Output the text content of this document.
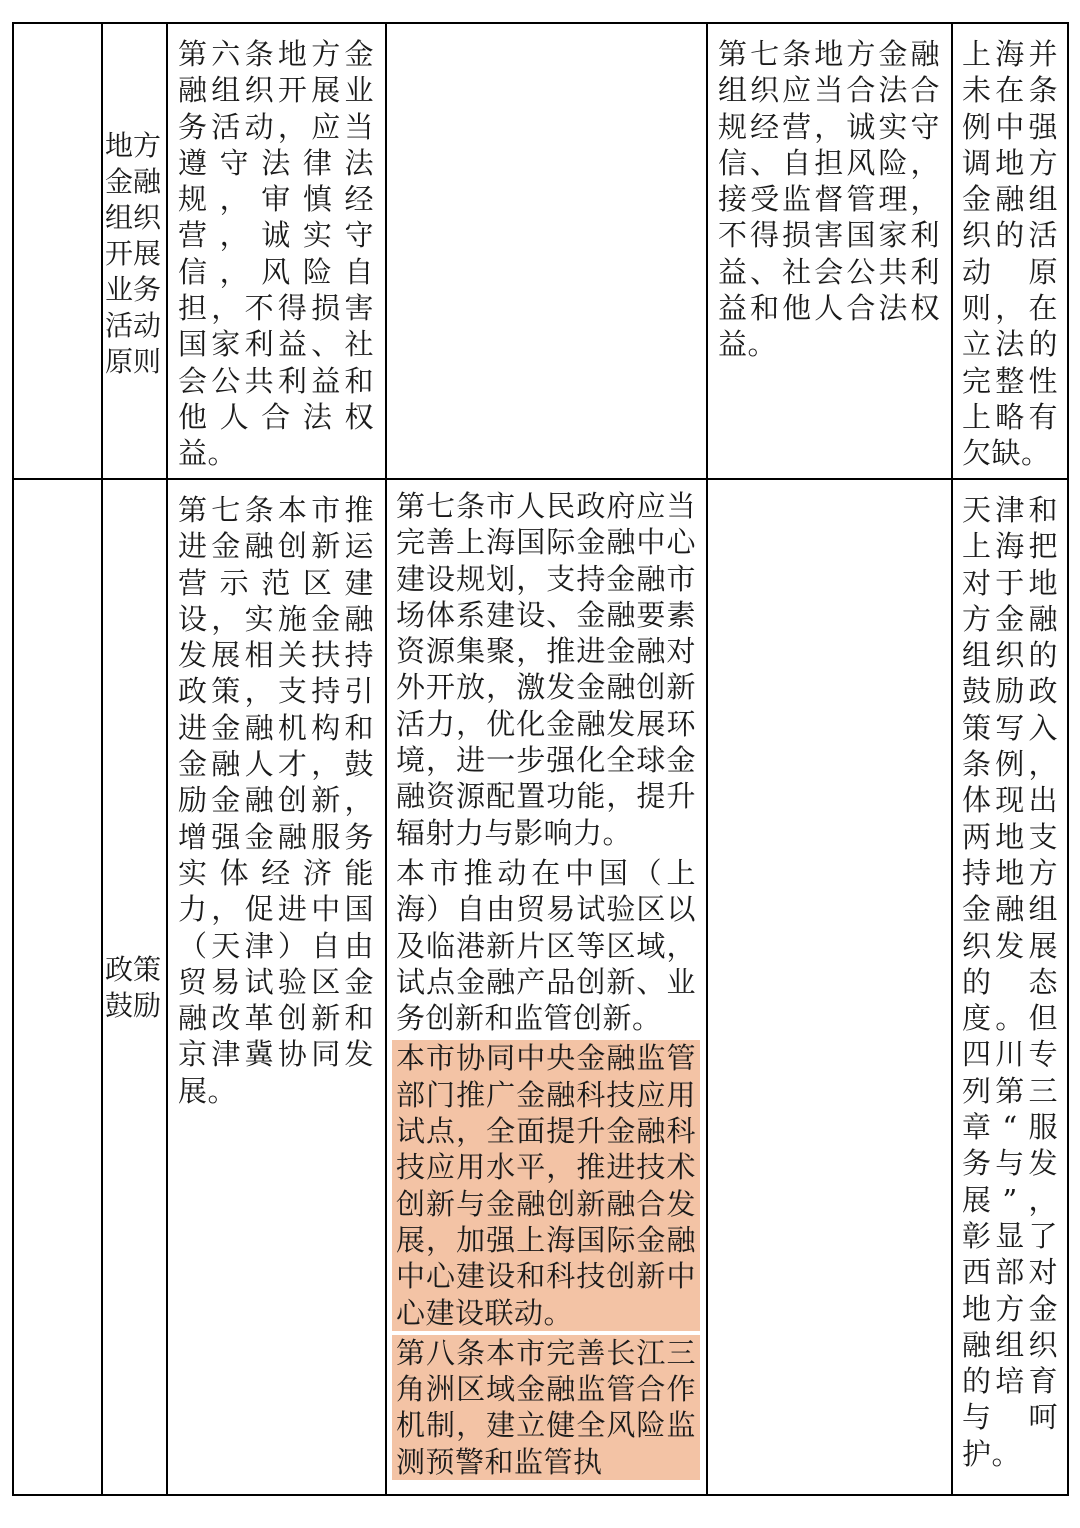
地方金融组织开展业务活动原则

第六条地方金融组织开展业务活动，应当遵守法律法规，审慎经营，诚实守信，风险自担，不得损害国家利益、社会公共利益和他人合法权益。

第七条地方金融组织应当合法合规经营，诚实守信、自担风险，接受监督管理，不得损害国家利益、社会公共利益和他人合法权益。

上海并未在条例中强调地方金融组织的活动原则，在立法的完整性上略有欠缺。

政策鼓励

第七条本市推进金融创新运营示范区建设，实施金融发展相关扶持政策，支持引进金融机构和金融人才，鼓励金融创新，增强金融服务实体经济能力，促进中国（天津）自由贸易试验区金融改革创新和京津冀协同发展。

第七条市人民政府应当完善上海国际金融中心建设规划，支持金融市场体系建设、金融要素资源集聚，推进金融对外开放，激发金融创新活力，优化金融发展环境，进一步强化全球金融资源配置功能，提升辐射力与影响力。

本市推动在中国（上海）自由贸易试验区以及临港新片区等区域，试点金融产品创新、业务创新和监管创新。

本市协同中央金融监管部门推广金融科技应用试点，全面提升金融科技应用水平，推进技术创新与金融创新融合发展，加强上海国际金融中心建设和科技创新中心建设联动。

第八条本市完善长江三角洲区域金融监管合作机制，建立健全风险监测预警和监管执

天津和上海把对于地方金融组织的鼓励政策写入条例，体现出两地支持地方金融组织发展的态度。但四川专列第三章“服务与发展”，彰显了西部对地方金融组织的培育与呵护。
